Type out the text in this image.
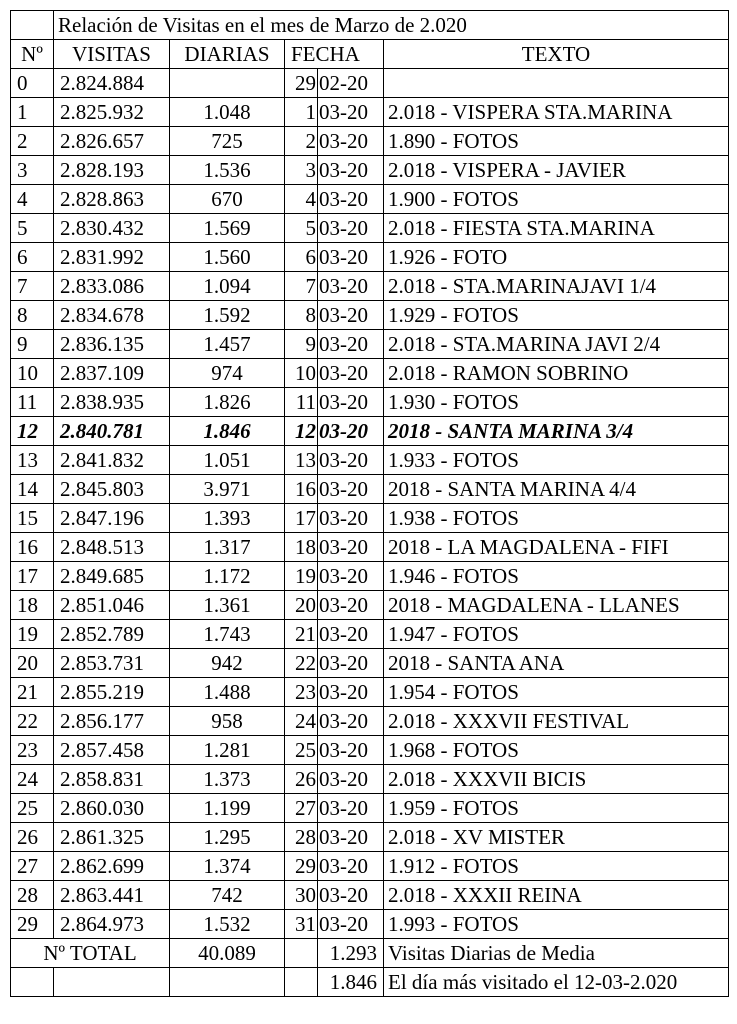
	Relación de Visitas en el mes de Marzo de 2.020				
Nº	VISITAS	DIARIAS	FECHA		TEXTO
0	2.824.884		29	02-20	
1	2.825.932	1.048	1	03-20	2.018 - VISPERA STA.MARINA
2	2.826.657	725	2	03-20	1.890 - FOTOS
3	2.828.193	1.536	3	03-20	2.018 - VISPERA - JAVIER
4	2.828.863	670	4	03-20	1.900 - FOTOS
5	2.830.432	1.569	5	03-20	2.018 - FIESTA STA.MARINA
6	2.831.992	1.560	6	03-20	1.926 - FOTO
7	2.833.086	1.094	7	03-20	2.018 - STA.MARINAJAVI 1/4
8	2.834.678	1.592	8	03-20	1.929 - FOTOS
9	2.836.135	1.457	9	03-20	2.018 - STA.MARINA JAVI 2/4
10	2.837.109	974	10	03-20	2.018 - RAMON SOBRINO
11	2.838.935	1.826	11	03-20	1.930 - FOTOS
12	2.840.781	1.846	12	03-20	2018 - SANTA MARINA 3/4
13	2.841.832	1.051	13	03-20	1.933 - FOTOS
14	2.845.803	3.971	16	03-20	2018 - SANTA MARINA 4/4
15	2.847.196	1.393	17	03-20	1.938 - FOTOS
16	2.848.513	1.317	18	03-20	2018 - LA MAGDALENA - FIFI
17	2.849.685	1.172	19	03-20	1.946 - FOTOS
18	2.851.046	1.361	20	03-20	2018 - MAGDALENA - LLANES
19	2.852.789	1.743	21	03-20	1.947 - FOTOS
20	2.853.731	942	22	03-20	2018 - SANTA ANA
21	2.855.219	1.488	23	03-20	1.954 - FOTOS
22	2.856.177	958	24	03-20	2.018 - XXXVII FESTIVAL
23	2.857.458	1.281	25	03-20	1.968 - FOTOS
24	2.858.831	1.373	26	03-20	2.018 - XXXVII BICIS
25	2.860.030	1.199	27	03-20	1.959 - FOTOS
26	2.861.325	1.295	28	03-20	2.018 - XV MISTER
27	2.862.699	1.374	29	03-20	1.912 - FOTOS
28	2.863.441	742	30	03-20	2.018 - XXXII REINA
29	2.864.973	1.532	31	03-20	1.993 - FOTOS
Nº TOTAL		40.089		1.293	Visitas Diarias de Media
				1.846	El día más visitado el 12-03-2.020
